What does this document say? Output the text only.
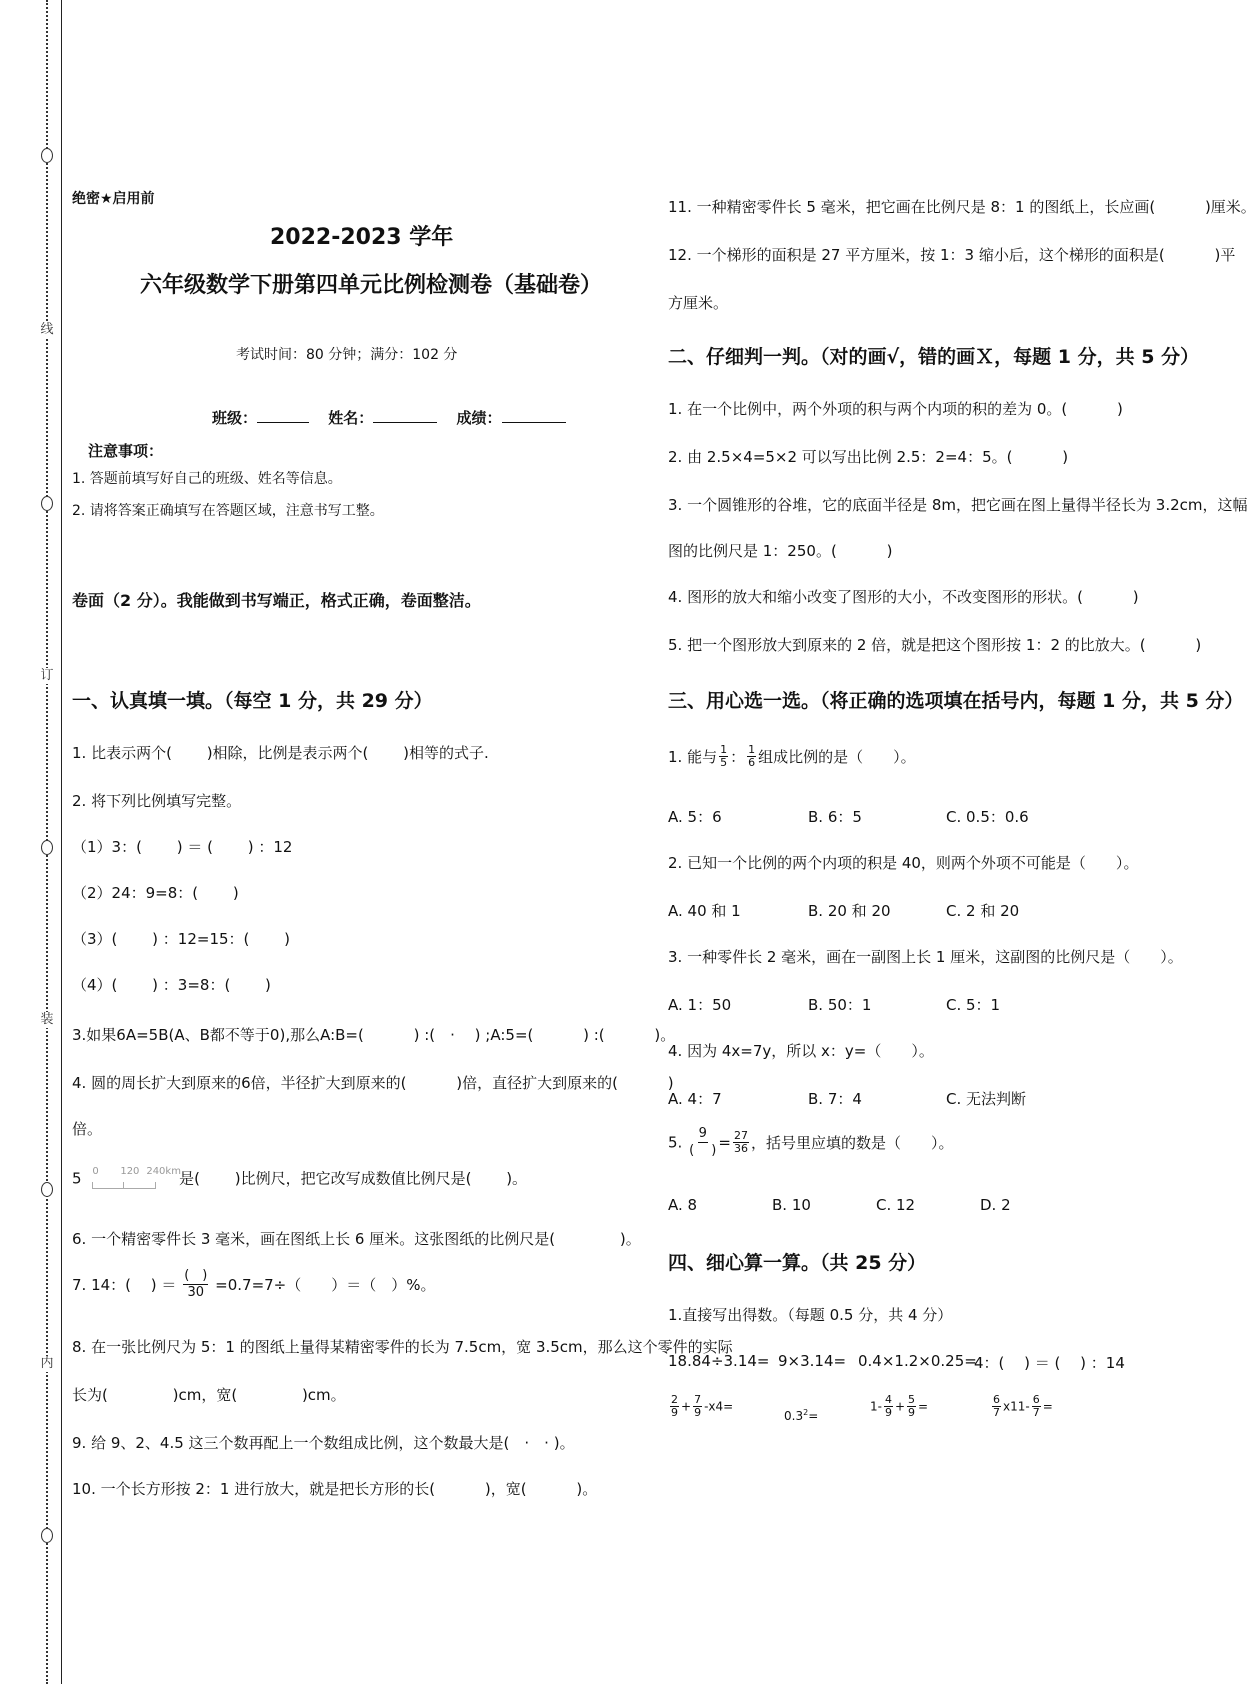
线
订
装
内
绝密★启用前
2022-2023 学年
六年级数学下册第四单元比例检测卷（基础卷）
考试时间：80 分钟；满分：102 分
班级：	姓名：	成绩：
注意事项：
1. 答题前填写好自己的班级、姓名等信息。
2. 请将答案正确填写在答题区域，注意书写工整。
卷面（2 分）。我能做到书写端正，格式正确，卷面整洁。
一、认真填一填。（每空 1 分，共 29 分）
1. 比表示两个(　　 )相除，比例是表示两个(　　 )相等的式子.
2. 将下列比例填写完整。
（1）3：(　　 ) ＝ (　　 ) ：12
（2）24：9=8：(　　 )
（3）(　　 ) ：12=15：(　　 )
（4）(　　 ) ：3=8：(　　 )
3.如果6A=5B(A、B都不等于0),那么A:B=(　　　 ) :(　·　 ) ;A:5=(　　　 ) :(　　　 )。
4. 圆的周长扩大到原来的6倍，半径扩大到原来的(　　　 )倍，直径扩大到原来的(　　　 )
倍。
5 0 120 240km
是(　　 )比例尺，把它改写成数值比例尺是(　　 )。
6. 一个精密零件长 3 毫米，画在图纸上长 6 厘米。这张图纸的比例尺是(　　　　 )。
7. 14：(　 ) ＝ $\frac{( )}{30} =0.7=7\div$（　　）＝（　）%。
8. 在一张比例尺为 5：1 的图纸上量得某精密零件的长为 7.5cm，宽 3.5cm，那么这个零件的实际
长为(　　　　 )cm，宽(　　　　 )cm。
9. 给 9、2、4.5 这三个数再配上一个数组成比例，这个数最大是(　·　· )。
10. 一个长方形按 2：1 进行放大，就是把长方形的长(　　　 )，宽(　　　 )。
11. 一种精密零件长 5 毫米，把它画在比例尺是 8：1 的图纸上，长应画(　　　 )厘米。
12. 一个梯形的面积是 27 平方厘米，按 1：3 缩小后，这个梯形的面积是(　　　 )平
方厘米。
二、仔细判一判。（对的画√，错的画Ｘ，每题 1 分，共 5 分）
1. 在一个比例中，两个外项的积与两个内项的积的差为 0。(　　　 )
2. 由 2.5×4=5×2 可以写出比例 2.5：2=4：5。(　　　 )
3. 一个圆锥形的谷堆，它的底面半径是 8m，把它画在图上量得半径长为 3.2cm，这幅
图的比例尺是 1：250。(　　　 )
4. 图形的放大和缩小改变了图形的大小，不改变图形的形状。(　　　 )
5. 把一个图形放大到原来的 2 倍，就是把这个图形按 1：2 的比放大。(　　　 )
三、用心选一选。（将正确的选项填在括号内，每题 1 分，共 5 分）
1. 能与 $\frac{1}{5}$ ： $\frac{1}{6}$ 组成比例的是（　　）。
A. 5：6	B. 6：5	C. 0.5：0.6
2. 已知一个比例的两个内项的积是 40，则两个外项不可能是（　　）。
A. 40 和 1	B. 20 和 20	C. 2 和 20
3. 一种零件长 2 毫米，画在一副图上长 1 厘米，这副图的比例尺是（　　）。
A. 1：50	B. 50：1	C. 5：1
4. 因为 4x=7y，所以 x：y=（　　）。
A. 4：7	B. 7：4	C. 无法判断
5. $\frac{9}{( )} = \frac{27}{36}$ ，括号里应填的数是（　　）。
A. 8	B. 10	C. 12	D. 2
四、细心算一算。（共 25 分）
1.直接写出得数。（每题 0.5 分，共 4 分）
18.84÷3.14= 9×3.14= 0.4×1.2×0.25=
4：(　 ) ＝ (　 ) ：14
$\frac{2}{9} + \frac{7}{9} -x4=$
$0.3^2=$
$1- \frac{4}{9} + \frac{5}{9}$ =	$\frac{6}{7} x11- \frac{6}{7}$ =
